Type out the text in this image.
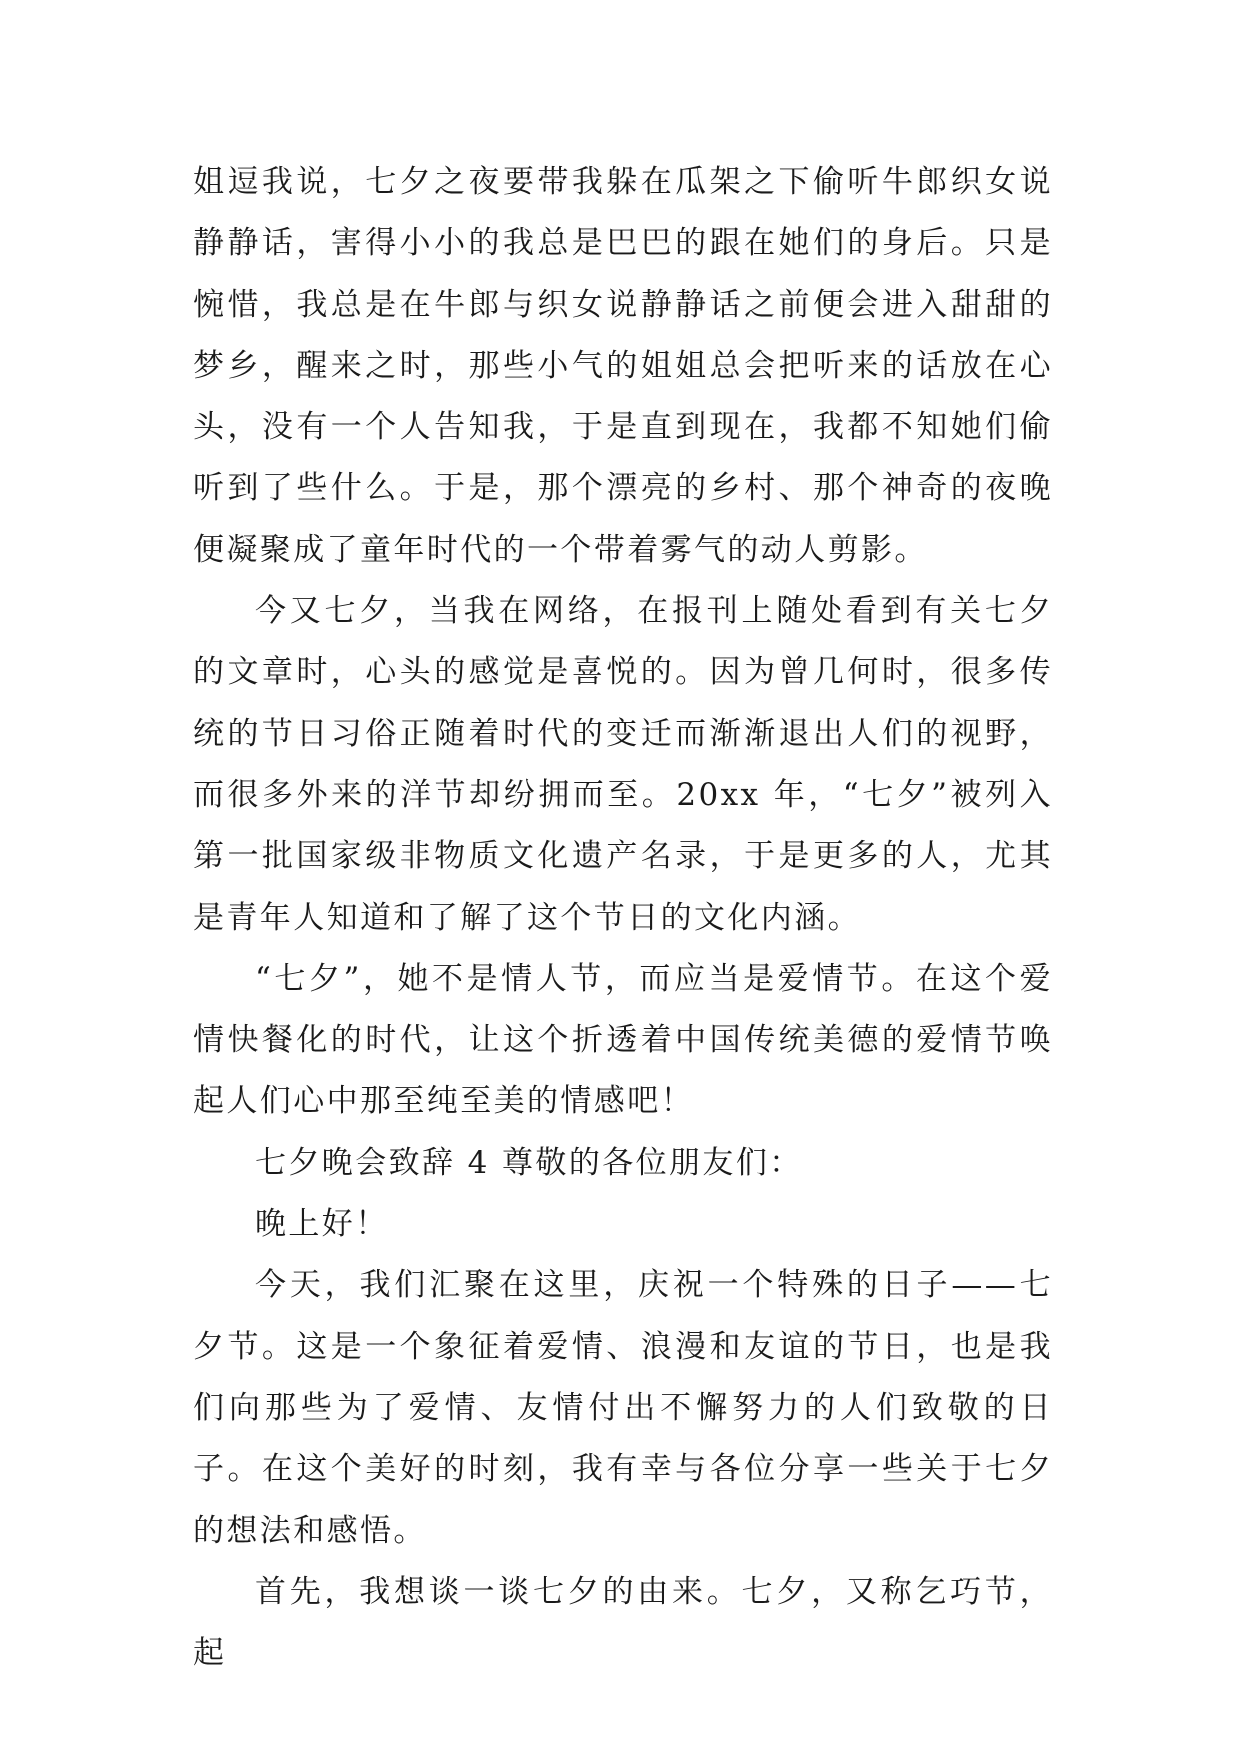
姐逗我说，七夕之夜要带我躲在瓜架之下偷听牛郎织女说静静话，害得小小的我总是巴巴的跟在她们的身后。只是惋惜，我总是在牛郎与织女说静静话之前便会进入甜甜的梦乡，醒来之时，那些小气的姐姐总会把听来的话放在心头，没有一个人告知我，于是直到现在，我都不知她们偷听到了些什么。于是，那个漂亮的乡村、那个神奇的夜晚便凝聚成了童年时代的一个带着雾气的动人剪影。

今又七夕，当我在网络，在报刊上随处看到有关七夕的文章时，心头的感觉是喜悦的。因为曾几何时，很多传统的节日习俗正随着时代的变迁而渐渐退出人们的视野，而很多外来的洋节却纷拥而至。20xx 年，“七夕”被列入第一批国家级非物质文化遗产名录，于是更多的人，尤其是青年人知道和了解了这个节日的文化内涵。

“七夕”，她不是情人节，而应当是爱情节。在这个爱情快餐化的时代，让这个折透着中国传统美德的爱情节唤起人们心中那至纯至美的情感吧！

七夕晚会致辞 4 尊敬的各位朋友们：

晚上好！

今天，我们汇聚在这里，庆祝一个特殊的日子——七夕节。这是一个象征着爱情、浪漫和友谊的节日，也是我们向那些为了爱情、友情付出不懈努力的人们致敬的日子。在这个美好的时刻，我有幸与各位分享一些关于七夕的想法和感悟。

首先，我想谈一谈七夕的由来。七夕，又称乞巧节，起
